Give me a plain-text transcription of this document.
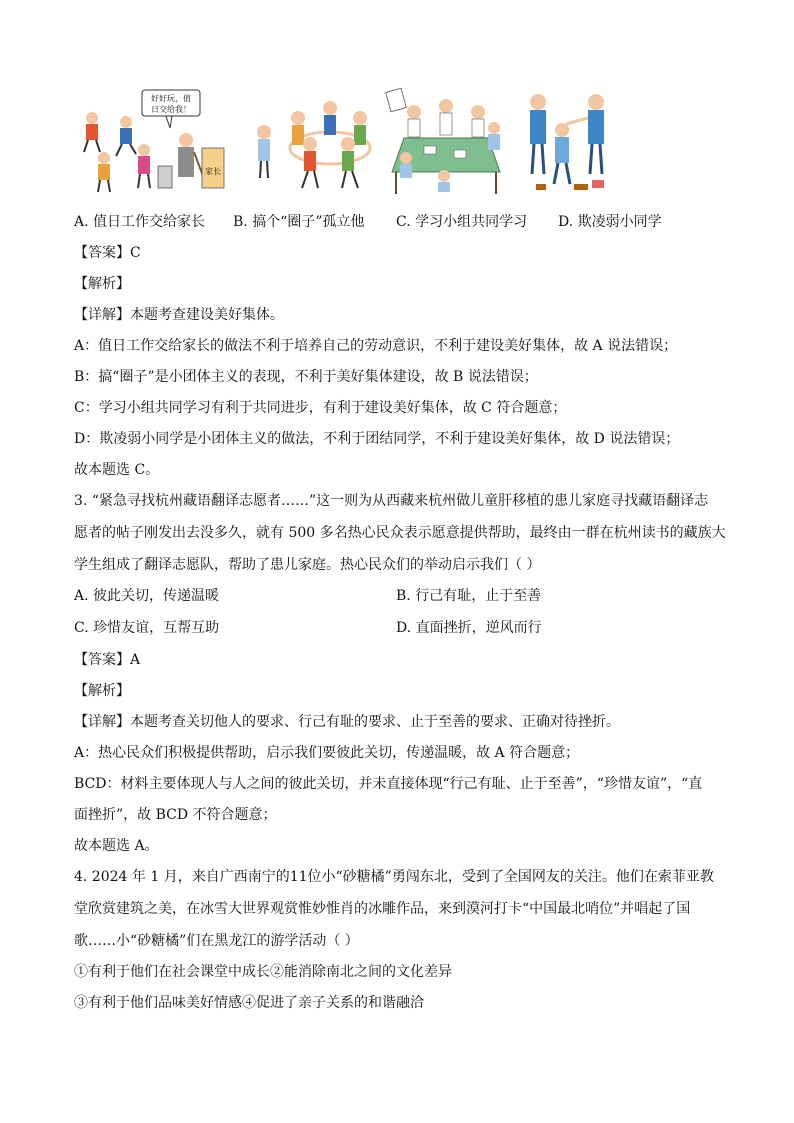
好好玩，值
日交给我！
家长
A. 值日工作交给家长 B. 搞个“圈子”孤立他 C. 学习小组共同学习 D. 欺凌弱小同学
【答案】C
【解析】
【详解】本题考查建设美好集体。
A：值日工作交给家长的做法不利于培养自己的劳动意识，不利于建设美好集体，故 A 说法错误；
B：搞“圈子”是小团体主义的表现，不利于美好集体建设，故 B 说法错误；
C：学习小组共同学习有利于共同进步，有利于建设美好集体，故 C 符合题意；
D：欺凌弱小同学是小团体主义的做法，不利于团结同学，不利于建设美好集体，故 D 说法错误；
故本题选 C。
3. “紧急寻找杭州藏语翻译志愿者……”这一则为从西藏来杭州做儿童肝移植的患儿家庭寻找藏语翻译志
愿者的帖子刚发出去没多久，就有 500 多名热心民众表示愿意提供帮助，最终由一群在杭州读书的藏族大
学生组成了翻译志愿队，帮助了患儿家庭。热心民众们的举动启示我们（ ）
A. 彼此关切，传递温暖	B. 行己有耻，止于至善
C. 珍惜友谊，互帮互助	D. 直面挫折，逆风而行
【答案】A
【解析】
【详解】本题考查关切他人的要求、行己有耻的要求、止于至善的要求、正确对待挫折。
A：热心民众们积极提供帮助，启示我们要彼此关切，传递温暖，故 A 符合题意；
BCD：材料主要体现人与人之间的彼此关切，并未直接体现“行己有耻、止于至善”，“珍惜友谊”，“直
面挫折”，故 BCD 不符合题意；
故本题选 A。
4. 2024 年 1 月，来自广西南宁的11位小“砂糖橘”勇闯东北，受到了全国网友的关注。他们在索菲亚教
堂欣赏建筑之美，在冰雪大世界观赏惟妙惟肖的冰雕作品，来到漠河打卡“中国最北哨位”并唱起了国
歌……小“砂糖橘”们在黑龙江的游学活动（ ）
①有利于他们在社会课堂中成长②能消除南北之间的文化差异
③有利于他们品味美好情感④促进了亲子关系的和谐融洽
